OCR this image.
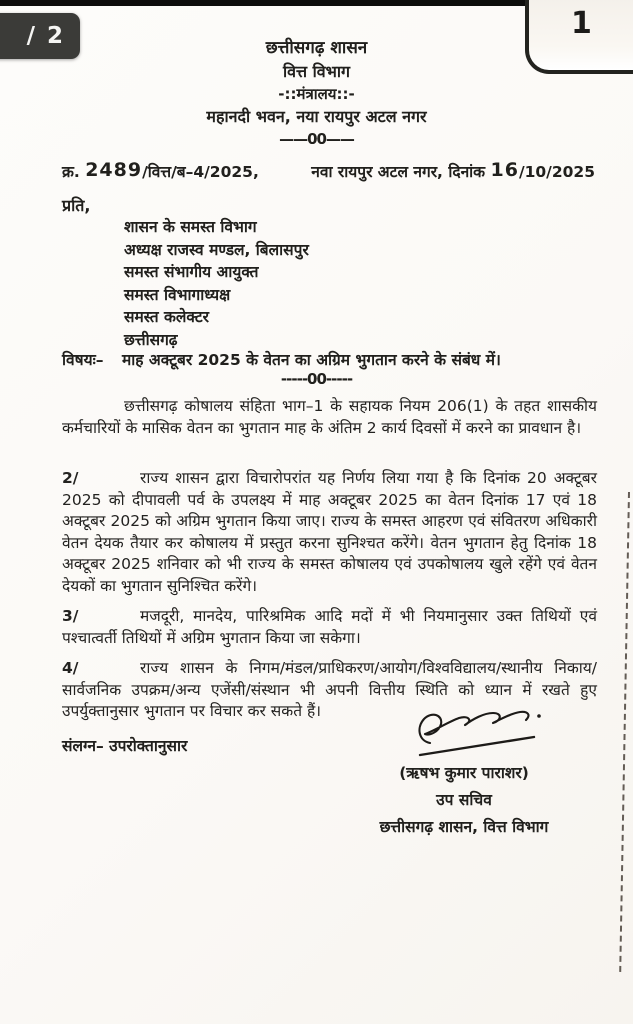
/ 2	1
छत्तीसगढ़ शासन
वित्त विभाग
-::मंत्रालय::-
महानदी भवन, नया रायपुर अटल नगर
——00——
क्र. 2489/वित्त/ब–4/2025,	नवा रायपुर अटल नगर, दिनांक 16/10/2025
प्रति,
शासन के समस्त विभाग
अध्यक्ष राजस्व मण्डल, बिलासपुर
समस्त संभागीय आयुक्त
समस्त विभागाध्यक्ष
समस्त कलेक्टर
छत्तीसगढ़
विषयः– माह अक्टूबर 2025 के वेतन का अग्रिम भुगतान करने के संबंध में।
-----00-----
छत्तीसगढ़ कोषालय संहिता भाग–1 के सहायक नियम 206(1) के तहत शासकीय कर्मचारियों के मासिक वेतन का भुगतान माह के अंतिम 2 कार्य दिवसों में करने का प्रावधान है।
2/	राज्य शासन द्वारा विचारोपरांत यह निर्णय लिया गया है कि दिनांक 20 अक्टूबर 2025 को दीपावली पर्व के उपलक्ष्य में माह अक्टूबर 2025 का वेतन दिनांक 17 एवं 18 अक्टूबर 2025 को अग्रिम भुगतान किया जाए। राज्य के समस्त आहरण एवं संवितरण अधिकारी वेतन देयक तैयार कर कोषालय में प्रस्तुत करना सुनिश्चत करेंगे। वेतन भुगतान हेतु दिनांक 18 अक्टूबर 2025 शनिवार को भी राज्य के समस्त कोषालय एवं उपकोषालय खुले रहेंगे एवं वेतन देयकों का भुगतान सुनिश्चित करेंगे।
3/	मजदूरी, मानदेय, पारिश्रमिक आदि मदों में भी नियमानुसार उक्त तिथियों एवं पश्चात्वर्ती तिथियों में अग्रिम भुगतान किया जा सकेगा।
4/	राज्य शासन के निगम/मंडल/प्राधिकरण/आयोग/विश्वविद्यालय/स्थानीय निकाय/सार्वजनिक उपक्रम/अन्य एजेंसी/संस्थान भी अपनी वित्तीय स्थिति को ध्यान में रखते हुए उपर्युक्तानुसार भुगतान पर विचार कर सकते हैं।
संलग्न– उपरोक्तानुसार
(ऋषभ कुमार पाराशर)
उप सचिव
छत्तीसगढ़ शासन, वित्त विभाग
